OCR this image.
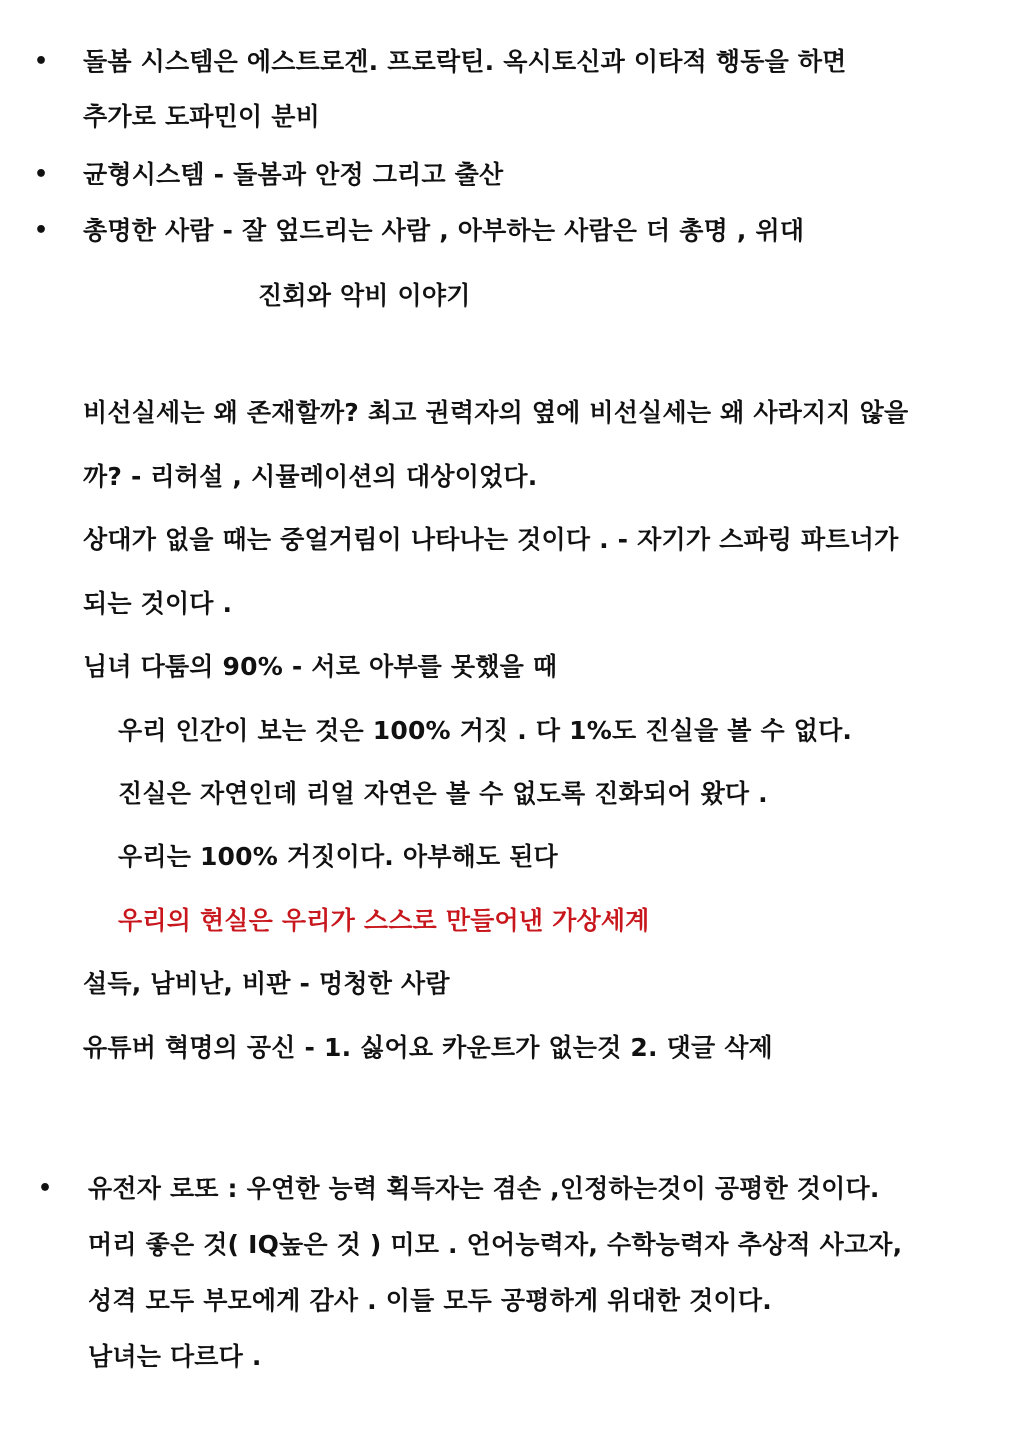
• 돌봄 시스템은 에스트로겐. 프로락틴. 옥시토신과 이타적 행동을 하면
추가로 도파민이 분비
• 균형시스템 - 돌봄과 안정 그리고 출산
• 총명한 사람 - 잘 엎드리는 사람 , 아부하는 사람은 더 총명 , 위대
진회와 악비 이야기
비선실세는 왜 존재할까? 최고 권력자의 옆에 비선실세는 왜 사라지지 않을
까? - 리허설 , 시뮬레이션의 대상이었다.
상대가 없을 때는 중얼거림이 나타나는 것이다 . - 자기가 스파링 파트너가
되는 것이다 .
님녀 다툼의 90% - 서로 아부를 못했을 때
우리 인간이 보는 것은 100% 거짓 . 다 1%도 진실을 볼 수 없다.
진실은 자연인데 리얼 자연은 볼 수 없도록 진화되어 왔다 .
우리는 100% 거짓이다. 아부해도 된다
우리의 현실은 우리가 스스로 만들어낸 가상세계
설득, 남비난, 비판 - 멍청한 사람
유튜버 혁명의 공신 - 1. 싫어요 카운트가 없는것 2. 댓글 삭제
• 유전자 로또 : 우연한 능력 획득자는 겸손 ,인정하는것이 공평한 것이다.
머리 좋은 것( IQ높은 것 ) 미모 . 언어능력자, 수학능력자 추상적 사고자,
성격 모두 부모에게 감사 . 이들 모두 공평하게 위대한 것이다.
남녀는 다르다 .
